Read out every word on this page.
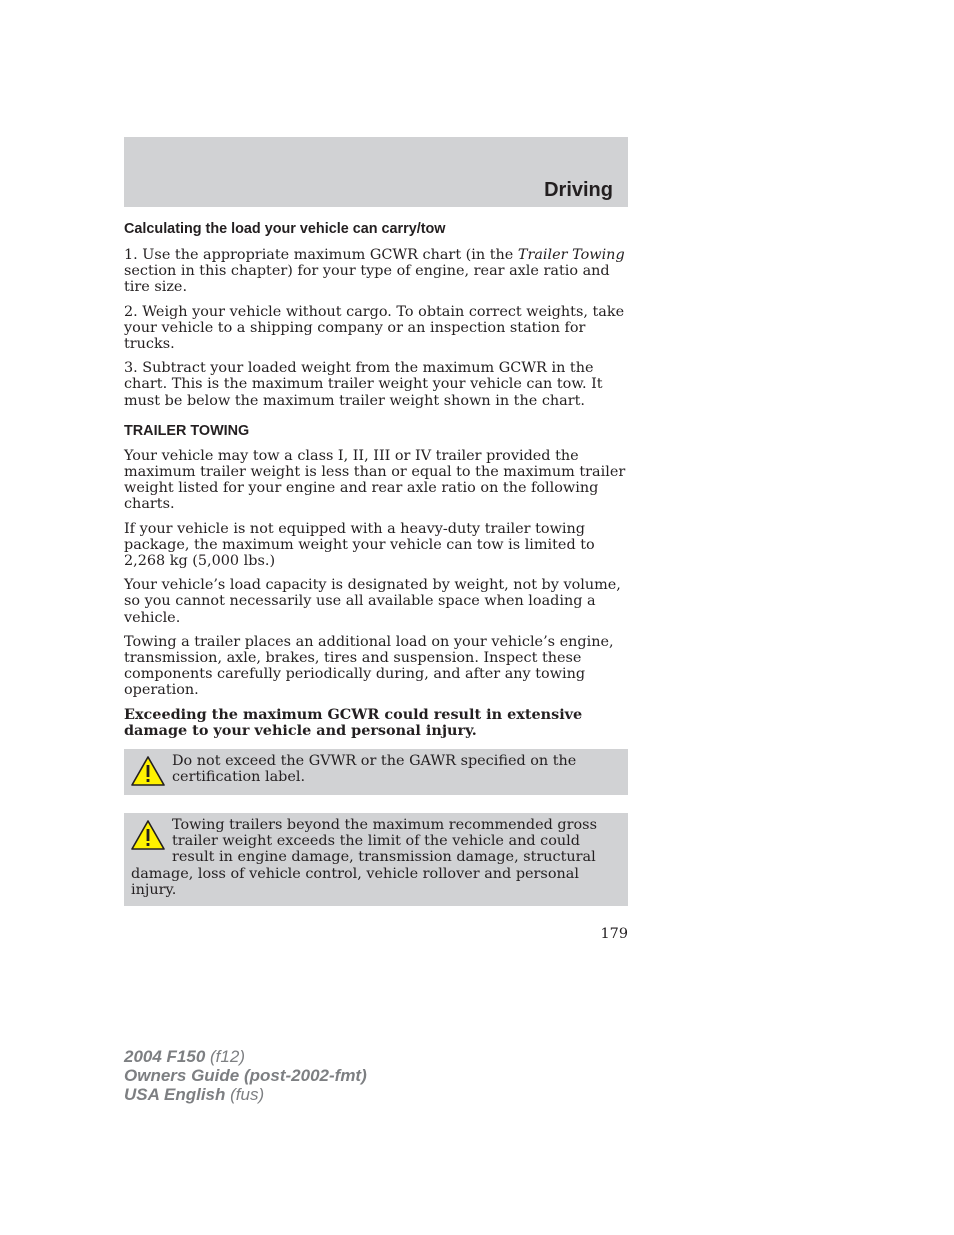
Driving
Calculating the load your vehicle can carry/tow

1. Use the appropriate maximum GCWR chart (in the Trailer Towing section in this chapter) for your type of engine, rear axle ratio and tire size.

2. Weigh your vehicle without cargo. To obtain correct weights, take your vehicle to a shipping company or an inspection station for trucks.

3. Subtract your loaded weight from the maximum GCWR in the chart. This is the maximum trailer weight your vehicle can tow. It must be below the maximum trailer weight shown in the chart.

TRAILER TOWING

Your vehicle may tow a class I, II, III or IV trailer provided the maximum trailer weight is less than or equal to the maximum trailer weight listed for your engine and rear axle ratio on the following charts.

If your vehicle is not equipped with a heavy-duty trailer towing package, the maximum weight your vehicle can tow is limited to 2,268 kg (5,000 lbs.)

Your vehicle’s load capacity is designated by weight, not by volume, so you cannot necessarily use all available space when loading a vehicle.

Towing a trailer places an additional load on your vehicle’s engine, transmission, axle, brakes, tires and suspension. Inspect these components carefully periodically during, and after any towing operation.

Exceeding the maximum GCWR could result in extensive damage to your vehicle and personal injury.

Do not exceed the GVWR or the GAWR specified on the certification label.
Towing trailers beyond the maximum recommended gross trailer weight exceeds the limit of the vehicle and could result in engine damage, transmission damage, structural damage, loss of vehicle control, vehicle rollover and personal injury.
179
2004 F150 (f12)
Owners Guide (post-2002-fmt)
USA English (fus)
